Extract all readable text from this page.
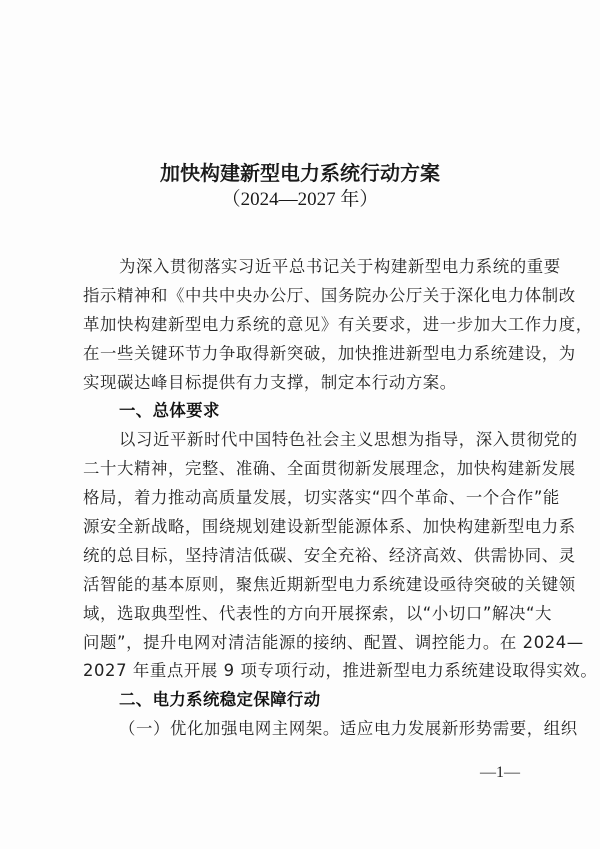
加快构建新型电力系统行动方案
（2024—2027 年）
为深入贯彻落实习近平总书记关于构建新型电力系统的重要
指示精神和《中共中央办公厅、国务院办公厅关于深化电力体制改
革加快构建新型电力系统的意见》有关要求，进一步加大工作力度，
在一些关键环节力争取得新突破，加快推进新型电力系统建设，为
实现碳达峰目标提供有力支撑，制定本行动方案。
一、总体要求
以习近平新时代中国特色社会主义思想为指导，深入贯彻党的
二十大精神，完整、准确、全面贯彻新发展理念，加快构建新发展
格局，着力推动高质量发展，切实落实“四个革命、一个合作”能
源安全新战略，围绕规划建设新型能源体系、加快构建新型电力系
统的总目标，坚持清洁低碳、安全充裕、经济高效、供需协同、灵
活智能的基本原则，聚焦近期新型电力系统建设亟待突破的关键领
域，选取典型性、代表性的方向开展探索，以“小切口”解决“大
问题”，提升电网对清洁能源的接纳、配置、调控能力。在 2024—
2027 年重点开展 9 项专项行动，推进新型电力系统建设取得实效。
二、电力系统稳定保障行动
（一）优化加强电网主网架。适应电力发展新形势需要，组织
—1—
